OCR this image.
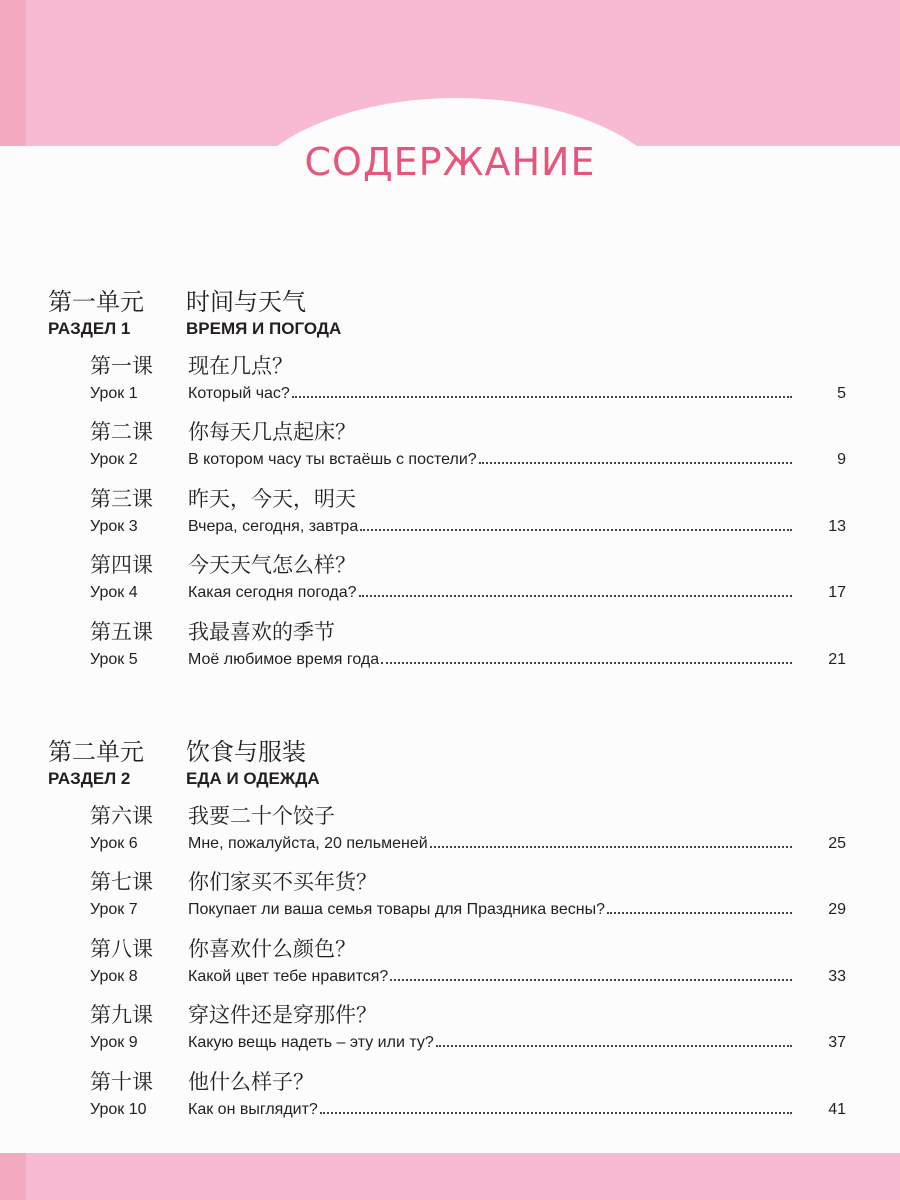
СОДЕРЖАНИЕ
第一单元	时间与天气
РАЗДЕЛ 1	ВРЕМЯ И ПОГОДА
第一课	现在几点？
Урок 1	Который час?	5
第二课	你每天几点起床？
Урок 2	В котором часу ты встаёшь с постели?	9
第三课	昨天，今天，明天
Урок 3	Вчера, сегодня, завтра	13
第四课	今天天气怎么样？
Урок 4	Какая сегодня погода?	17
第五课	我最喜欢的季节
Урок 5	Моё любимое время года	21
第二单元	饮食与服装
РАЗДЕЛ 2	ЕДА И ОДЕЖДА
第六课	我要二十个饺子
Урок 6	Мне, пожалуйста, 20 пельменей	25
第七课	你们家买不买年货？
Урок 7	Покупает ли ваша семья товары для Праздника весны?	29
第八课	你喜欢什么颜色？
Урок 8	Какой цвет тебе нравится?	33
第九课	穿这件还是穿那件？
Урок 9	Какую вещь надеть – эту или ту?	37
第十课	他什么样子？
Урок 10	Как он выглядит?	41
